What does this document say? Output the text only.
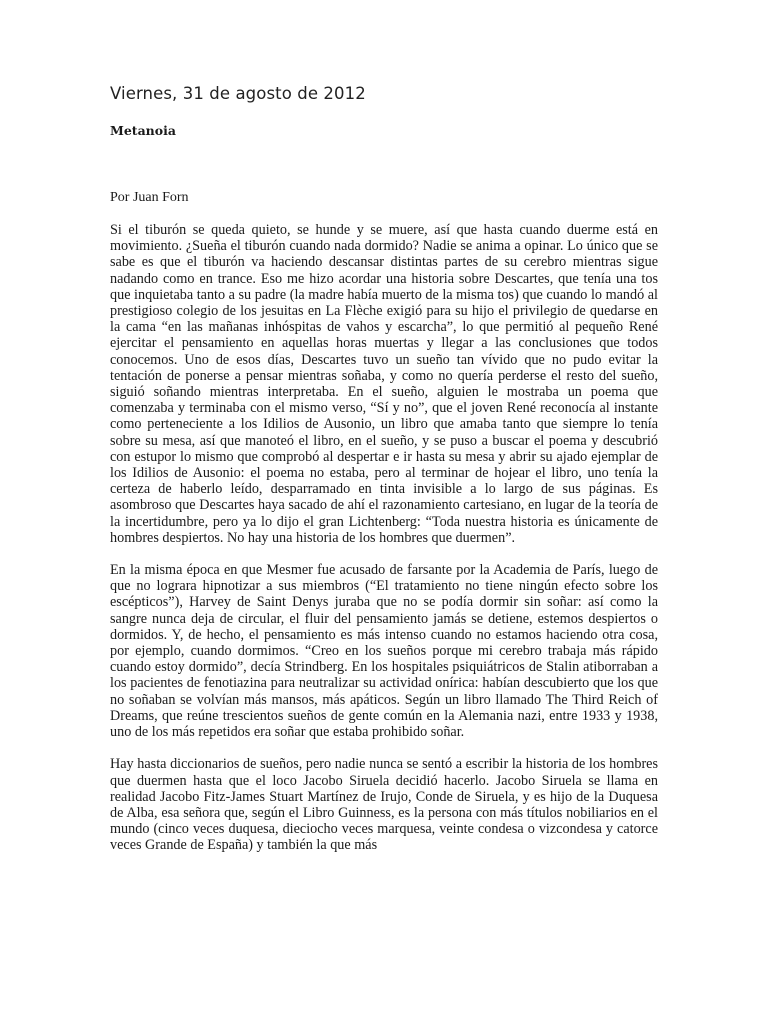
Viernes, 31 de agosto de 2012
Metanoia
Por Juan Forn

Si el tiburón se queda quieto, se hunde y se muere, así que hasta cuando duerme está en movimiento. ¿Sueña el tiburón cuando nada dormido? Nadie se anima a opinar. Lo único que se sabe es que el tiburón va haciendo descansar distintas partes de su cerebro mientras sigue nadando como en trance. Eso me hizo acordar una historia sobre Descartes, que tenía una tos que inquietaba tanto a su padre (la madre había muerto de la misma tos) que cuando lo mandó al prestigioso colegio de los jesuitas en La Flèche exigió para su hijo el privilegio de quedarse en la cama “en las mañanas inhóspitas de vahos y escarcha”, lo que permitió al pequeño René ejercitar el pensamiento en aquellas horas muertas y llegar a las conclusiones que todos conocemos. Uno de esos días, Descartes tuvo un sueño tan vívido que no pudo evitar la tentación de ponerse a pensar mientras soñaba, y como no quería perderse el resto del sueño, siguió soñando mientras interpretaba. En el sueño, alguien le mostraba un poema que comenzaba y terminaba con el mismo verso, “Sí y no”, que el joven René reconocía al instante como perteneciente a los Idilios de Ausonio, un libro que amaba tanto que siempre lo tenía sobre su mesa, así que manoteó el libro, en el sueño, y se puso a buscar el poema y descubrió con estupor lo mismo que comprobó al despertar e ir hasta su mesa y abrir su ajado ejemplar de los Idilios de Ausonio: el poema no estaba, pero al terminar de hojear el libro, uno tenía la certeza de haberlo leído, desparramado en tinta invisible a lo largo de sus páginas. Es asombroso que Descartes haya sacado de ahí el razonamiento cartesiano, en lugar de la teoría de la incertidumbre, pero ya lo dijo el gran Lichtenberg: “Toda nuestra historia es únicamente de hombres despiertos. No hay una historia de los hombres que duermen”.

En la misma época en que Mesmer fue acusado de farsante por la Academia de París, luego de que no lograra hipnotizar a sus miembros (“El tratamiento no tiene ningún efecto sobre los escépticos”), Harvey de Saint Denys juraba que no se podía dormir sin soñar: así como la sangre nunca deja de circular, el fluir del pensamiento jamás se detiene, estemos despiertos o dormidos. Y, de hecho, el pensamiento es más intenso cuando no estamos haciendo otra cosa, por ejemplo, cuando dormimos. “Creo en los sueños porque mi cerebro trabaja más rápido cuando estoy dormido”, decía Strindberg. En los hospitales psiquiátricos de Stalin atiborraban a los pacientes de fenotiazina para neutralizar su actividad onírica: habían descubierto que los que no soñaban se volvían más mansos, más apáticos. Según un libro llamado The Third Reich of Dreams, que reúne trescientos sueños de gente común en la Alemania nazi, entre 1933 y 1938, uno de los más repetidos era soñar que estaba prohibido soñar.

Hay hasta diccionarios de sueños, pero nadie nunca se sentó a escribir la historia de los hombres que duermen hasta que el loco Jacobo Siruela decidió hacerlo. Jacobo Siruela se llama en realidad Jacobo Fitz-James Stuart Martínez de Irujo, Conde de Siruela, y es hijo de la Duquesa de Alba, esa señora que, según el Libro Guinness, es la persona con más títulos nobiliarios en el mundo (cinco veces duquesa, dieciocho veces marquesa, veinte condesa o vizcondesa y catorce veces Grande de España) y también la que más
